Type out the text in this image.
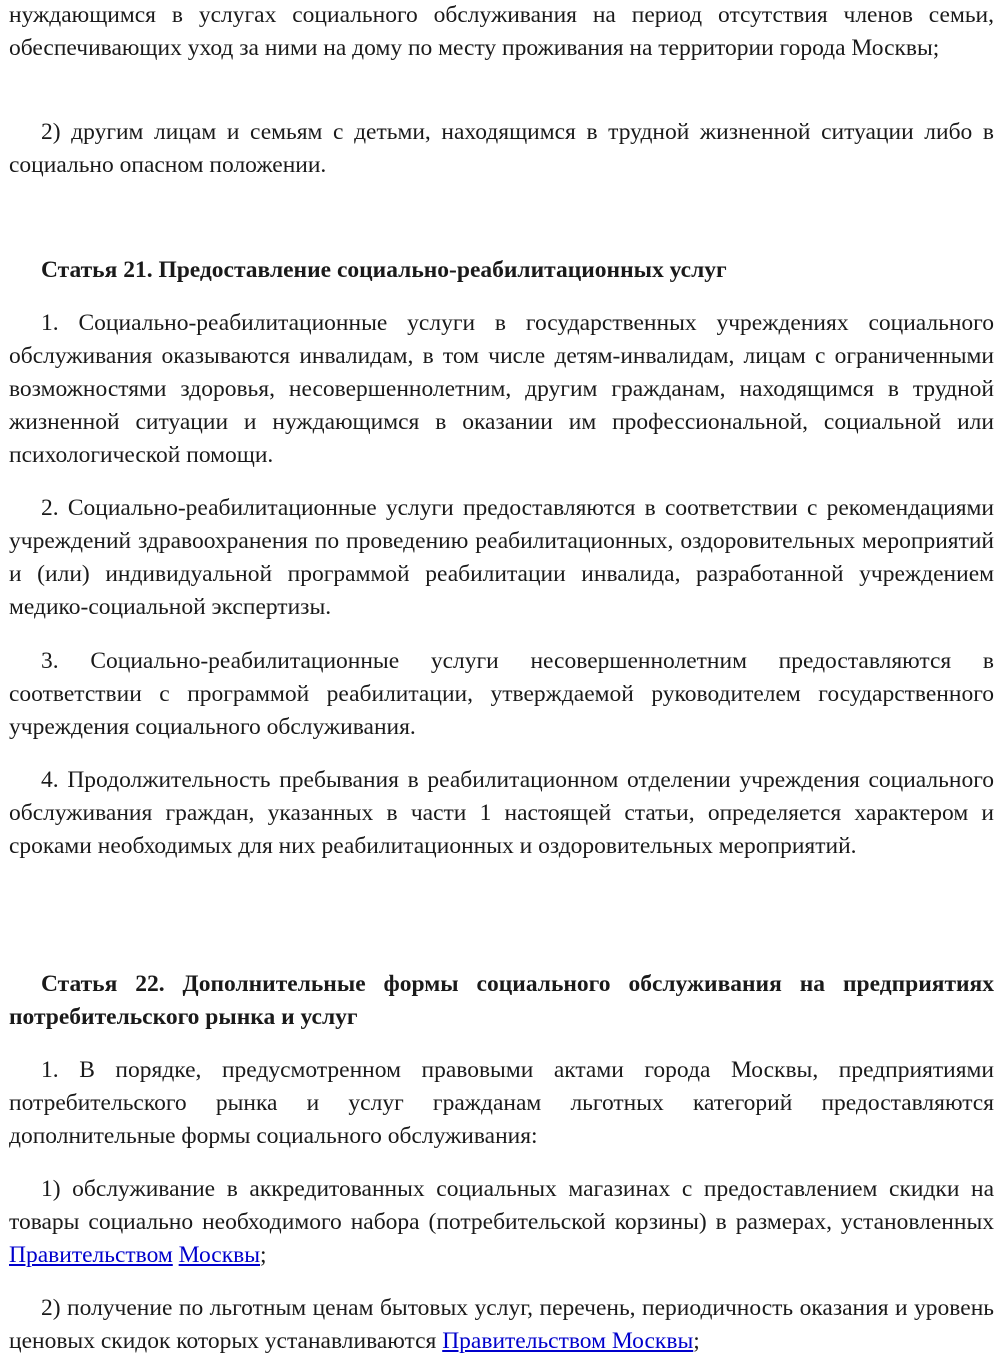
нуждающимся в услугах социального обслуживания на период отсутствия членов семьи, обеспечивающих уход за ними на дому по месту проживания на территории города Москвы;

2) другим лицам и семьям с детьми, находящимся в трудной жизненной ситуации либо в социально опасном положении.

Статья 21. Предоставление социально-реабилитационных услуг

1. Социально-реабилитационные услуги в государственных учреждениях социального обслуживания оказываются инвалидам, в том числе детям-инвалидам, лицам с ограниченными возможностями здоровья, несовершеннолетним, другим гражданам, находящимся в трудной жизненной ситуации и нуждающимся в оказании им профессиональной, социальной или психологической помощи.

2. Социально-реабилитационные услуги предоставляются в соответствии с рекомендациями учреждений здравоохранения по проведению реабилитационных, оздоровительных мероприятий и (или) индивидуальной программой реабилитации инвалида, разработанной учреждением медико-социальной экспертизы.

3. Социально-реабилитационные услуги несовершеннолетним предоставляются в соответствии с программой реабилитации, утверждаемой руководителем государственного учреждения социального обслуживания.

4. Продолжительность пребывания в реабилитационном отделении учреждения социального обслуживания граждан, указанных в части 1 настоящей статьи, определяется характером и сроками необходимых для них реабилитационных и оздоровительных мероприятий.

Статья 22. Дополнительные формы социального обслуживания на предприятиях потребительского рынка и услуг

1. В порядке, предусмотренном правовыми актами города Москвы, предприятиями потребительского рынка и услуг гражданам льготных категорий предоставляются дополнительные формы социального обслуживания:

1) обслуживание в аккредитованных социальных магазинах с предоставлением скидки на товары социально необходимого набора (потребительской корзины) в размерах, установленных Правительством Москвы;

2) получение по льготным ценам бытовых услуг, перечень, периодичность оказания и уровень ценовых скидок которых устанавливаются Правительством Москвы;
